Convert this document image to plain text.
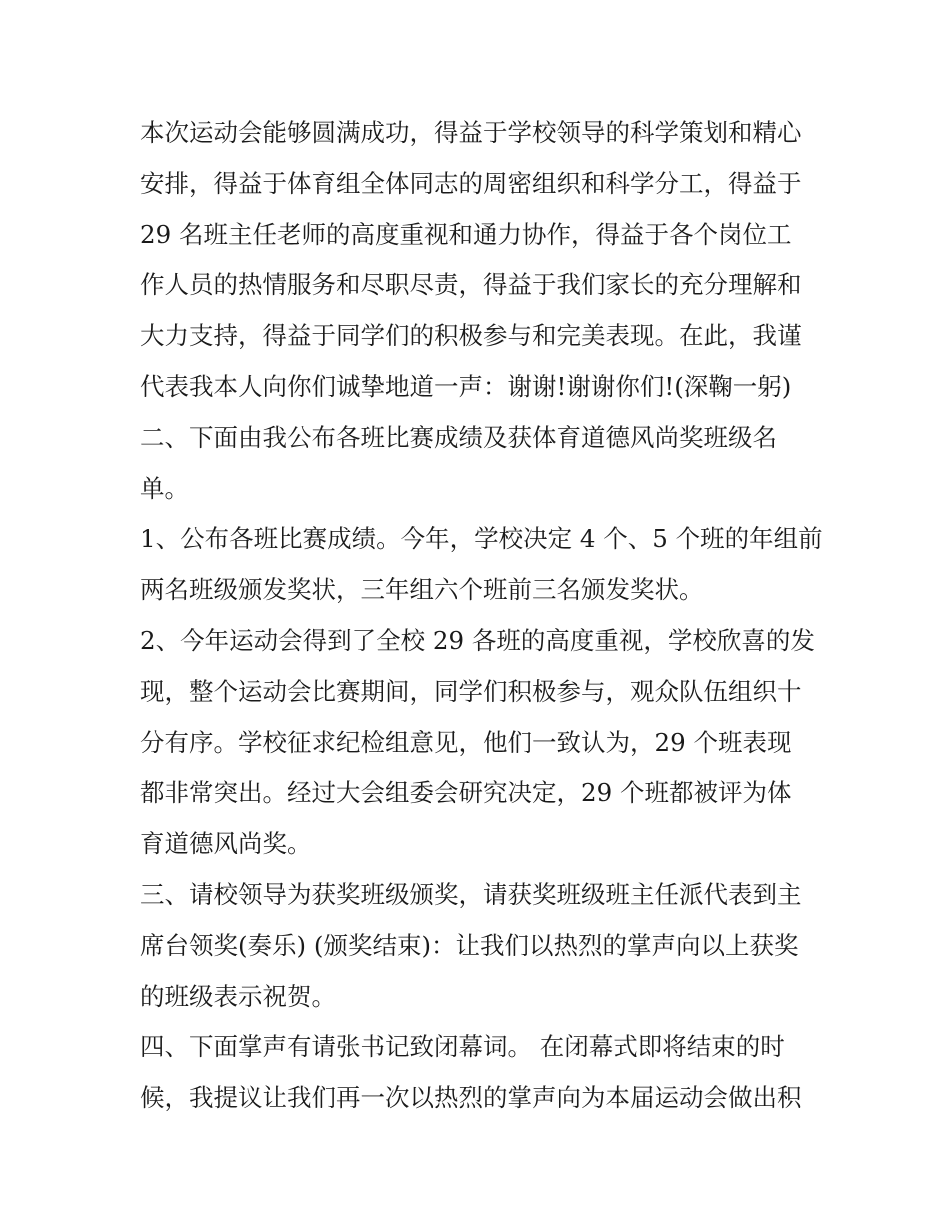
本次运动会能够圆满成功，得益于学校领导的科学策划和精心
安排，得益于体育组全体同志的周密组织和科学分工，得益于
29 名班主任老师的高度重视和通力协作，得益于各个岗位工
作人员的热情服务和尽职尽责，得益于我们家长的充分理解和
大力支持，得益于同学们的积极参与和完美表现。在此，我谨
代表我本人向你们诚挚地道一声：谢谢!谢谢你们!(深鞠一躬)
二、下面由我公布各班比赛成绩及获体育道德风尚奖班级名
单。
1、公布各班比赛成绩。今年，学校决定 4 个、5 个班的年组前
两名班级颁发奖状，三年组六个班前三名颁发奖状。
2、今年运动会得到了全校 29 各班的高度重视，学校欣喜的发
现，整个运动会比赛期间，同学们积极参与，观众队伍组织十
分有序。学校征求纪检组意见，他们一致认为，29 个班表现
都非常突出。经过大会组委会研究决定，29 个班都被评为体
育道德风尚奖。
三、请校领导为获奖班级颁奖，请获奖班级班主任派代表到主
席台领奖(奏乐) (颁奖结束)：让我们以热烈的掌声向以上获奖
的班级表示祝贺。
四、下面掌声有请张书记致闭幕词。 在闭幕式即将结束的时
候，我提议让我们再一次以热烈的掌声向为本届运动会做出积
